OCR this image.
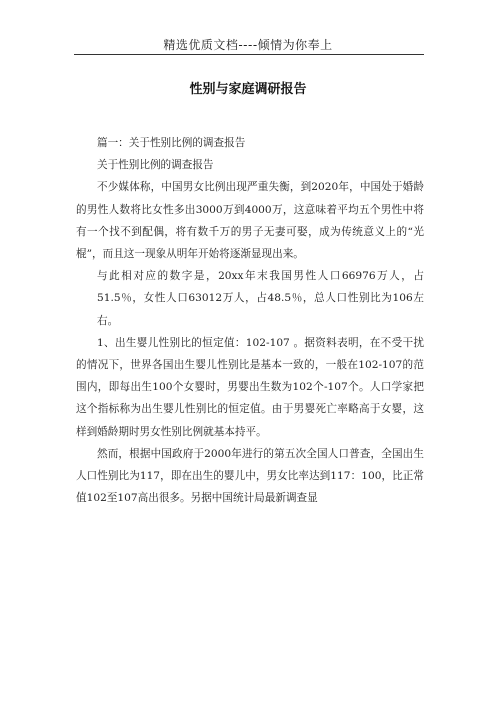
精选优质文档----倾情为你奉上
性别与家庭调研报告

篇一：关于性别比例的调查报告

关于性别比例的调查报告

不少媒体称，中国男女比例出现严重失衡，到2020年，中国处于婚龄的男性人数将比女性多出3000万到4000万，这意味着平均五个男性中将有一个找不到配偶，将有数千万的男子无妻可娶，成为传统意义上的“光棍”，而且这一现象从明年开始将逐渐显现出来。

与此相对应的数字是，20xx年末我国男性人口66976万人，占51.5％，女性人口63012万人，占48.5％，总人口性别比为106左右。

1、出生婴儿性别比的恒定值：102-107 。据资料表明，在不受干扰的情况下，世界各国出生婴儿性别比是基本一致的，一般在102-107的范围内，即每出生100个女婴时，男婴出生数为102个-107个。人口学家把这个指标称为出生婴儿性别比的恒定值。由于男婴死亡率略高于女婴，这样到婚龄期时男女性别比例就基本持平。

然而，根据中国政府于2000年进行的第五次全国人口普查，全国出生人口性别比为117，即在出生的婴儿中，男女比率达到117：100，比正常值102至107高出很多。另据中国统计局最新调查显
